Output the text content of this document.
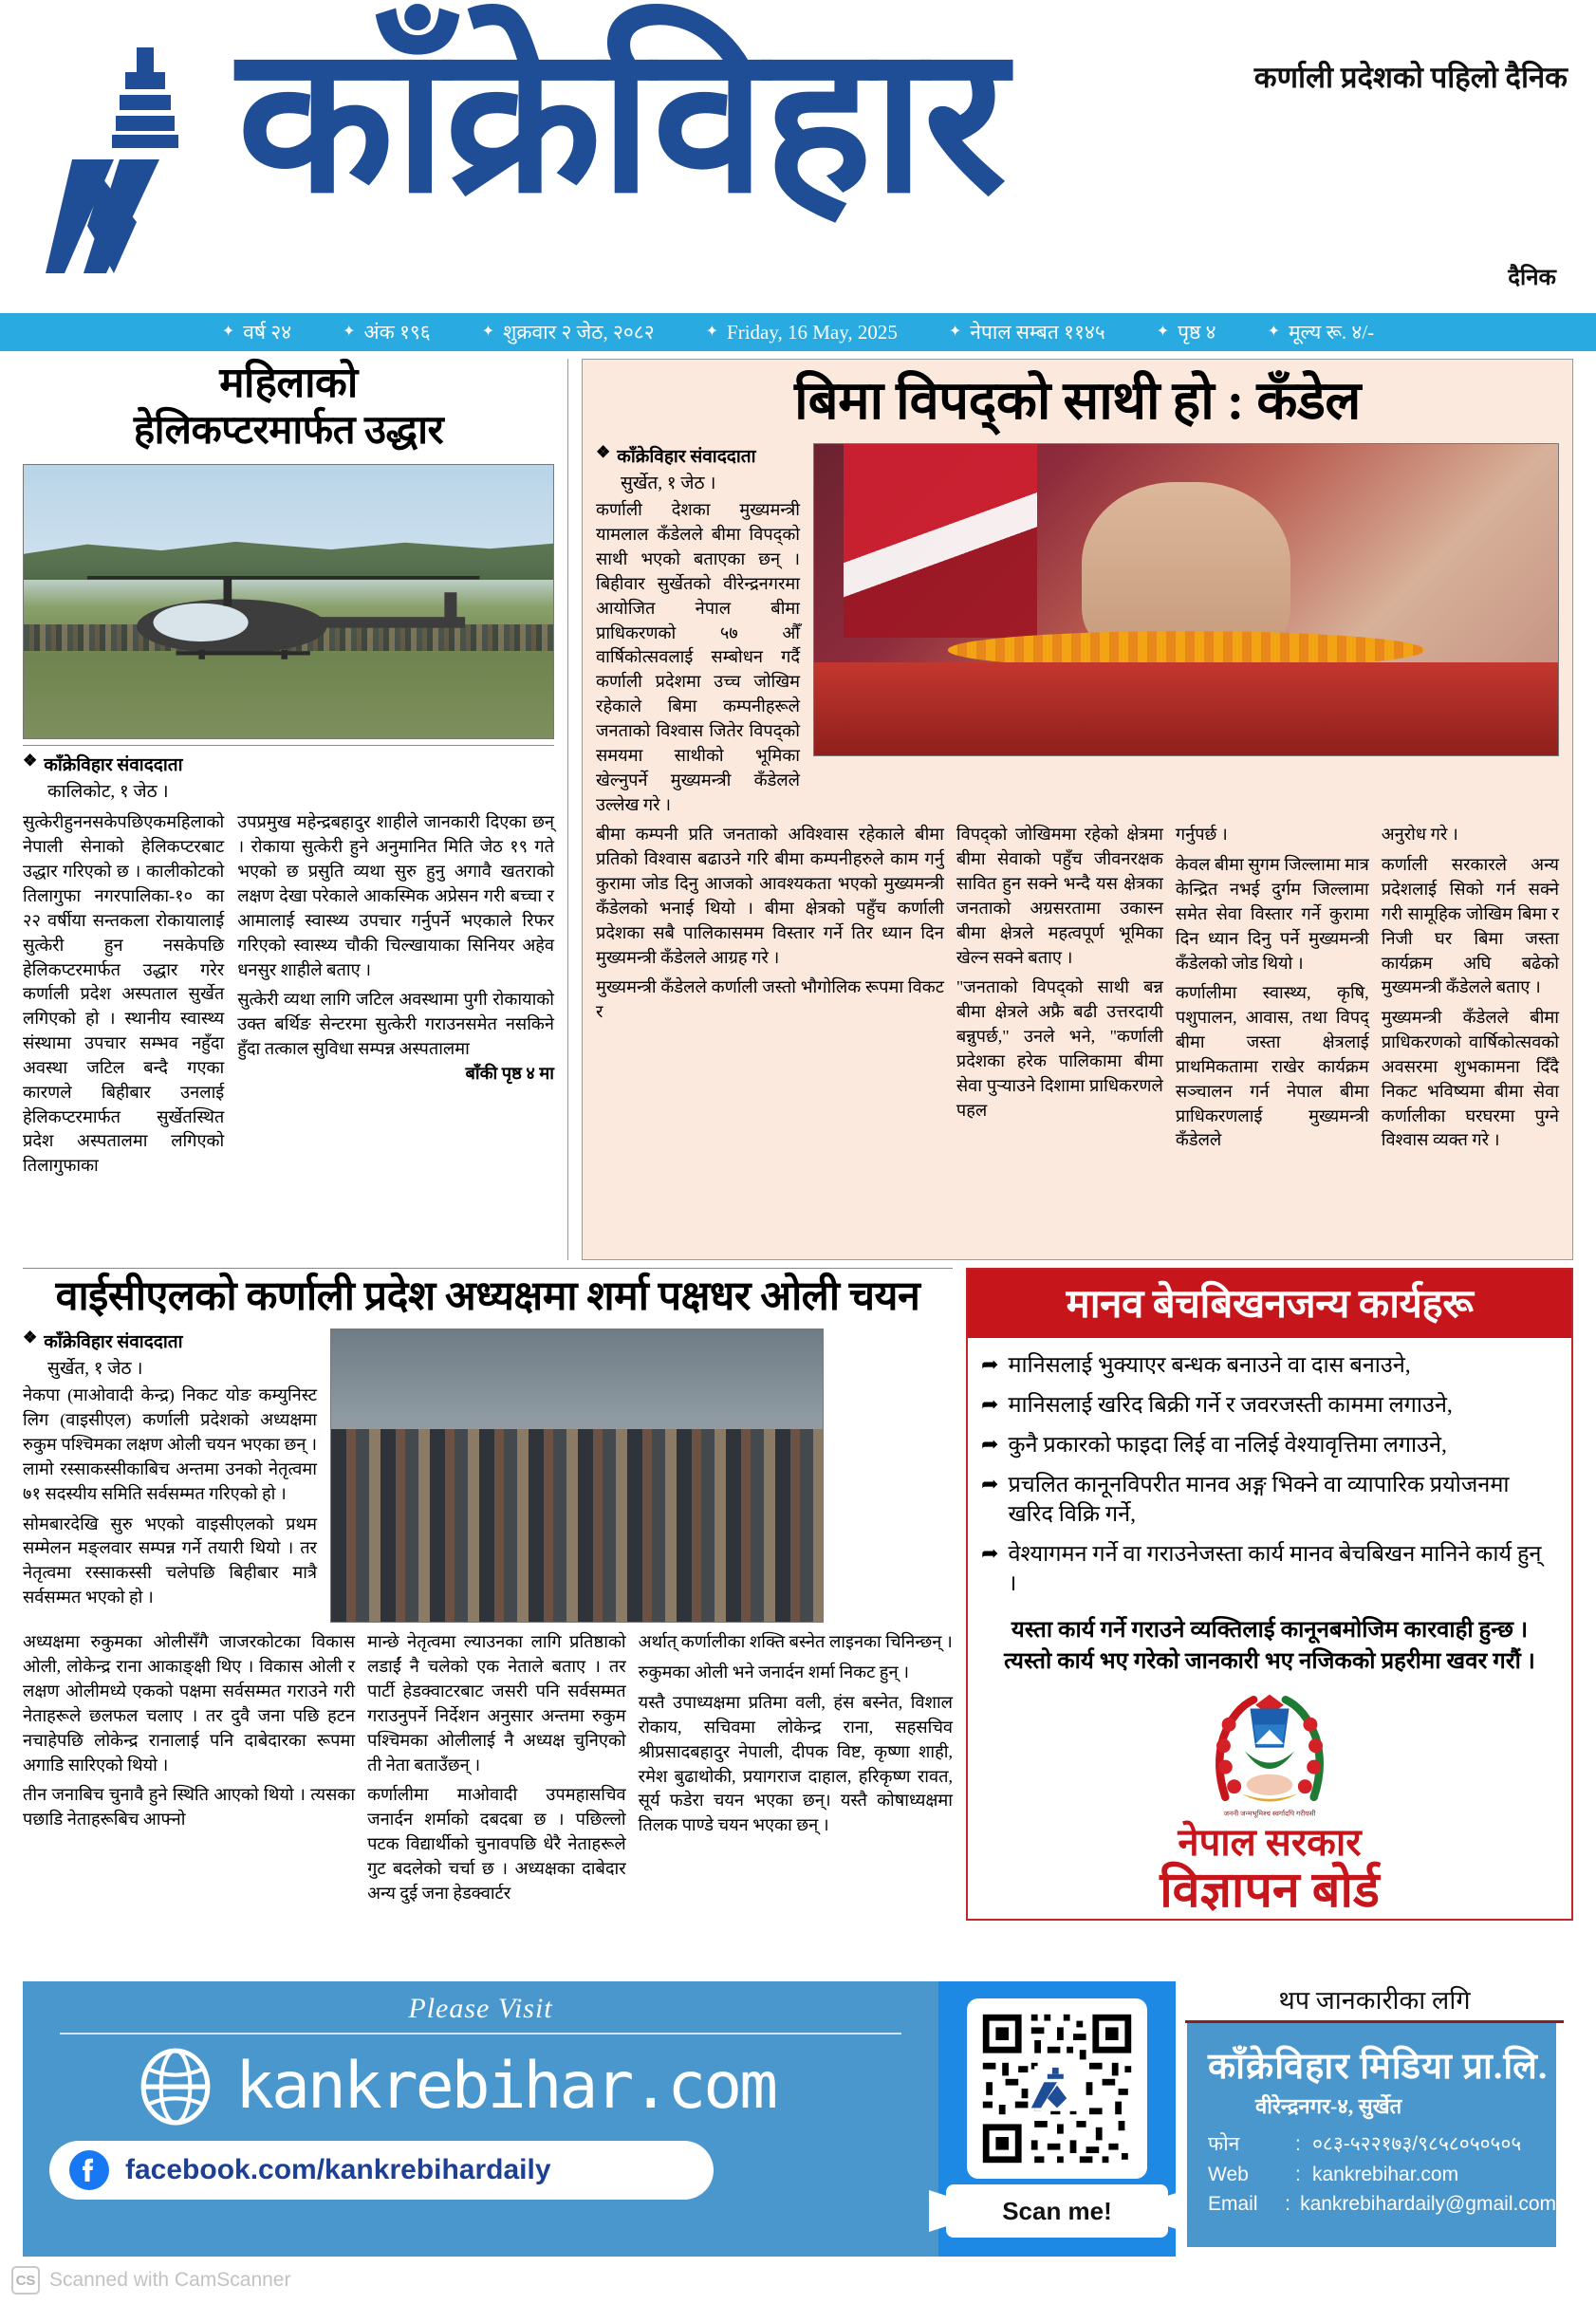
काँक्रेविहार	कर्णाली प्रदेशको पहिलो दैनिक
दैनिक
✦ वर्ष २४	✦ अंक १९६	✦ शुक्रवार २ जेठ, २०८२	✦ Friday, 16 May, 2025	✦ नेपाल सम्बत ११४५	✦ पृष्ठ ४	✦ मूल्य रू. ४/-
महिलाको
हेलिकप्टरमार्फत उद्धार
❖ काँक्रेविहार संवाददाता
कालिकोट, १ जेठ ।
सुत्केरीहुननसकेपछिएकमहिलाको नेपाली सेनाको हेलिकप्टरबाट उद्धार गरिएको छ । कालीकोटको तिलागुफा नगरपालिका-१० का २२ वर्षीया सन्तकला रोकायालाई सुत्केरी हुन नसकेपछि हेलिकप्टरमार्फत उद्धार गरेर कर्णाली प्रदेश अस्पताल सुर्खेत लगिएको हो । स्थानीय स्वास्थ्य संस्थामा उपचार सम्भव नहुँदा अवस्था जटिल बन्दै गएका कारणले बिहीबार उनलाई हेलिकप्टरमार्फत सुर्खेतस्थित प्रदेश अस्पतालमा लगिएको तिलागुफाका
उपप्रमुख महेन्द्रबहादुर शाहीले जानकारी दिएका छन् । रोकाया सुत्केरी हुने अनुमानित मिति जेठ १९ गते भएको छ प्रसुति व्यथा सुरु हुनु अगावै खतराको लक्षण देखा परेकाले आकस्मिक अप्रेसन गरी बच्चा र आमालाई स्वास्थ्य उपचार गर्नुपर्ने भएकाले रिफर गरिएको स्वास्थ्य चौकी चिल्खायाका सिनियर अहेव धनसुर शाहीले बताए ।
सुत्केरी व्यथा लागि जटिल अवस्थामा पुगी रोकायाको उक्त बर्थिङ सेन्टरमा सुत्केरी गराउनसमेत नसकिने हुँदा तत्काल सुविधा सम्पन्न अस्पतालमा
बाँकी पृष्ठ ४ मा
बिमा विपद्को साथी हो : कँडेल
❖ काँक्रेविहार संवाददाता
सुर्खेत, १ जेठ ।
कर्णाली देशका मुख्यमन्त्री यामलाल कँडेलले बीमा विपद्को साथी भएको बताएका छन् । बिहीवार सुर्खेतको वीरेन्द्रनगरमा आयोजित नेपाल बीमा प्राधिकरणको ५७ औँ वार्षिकोत्सवलाई सम्बोधन गर्दै कर्णाली प्रदेशमा उच्च जोखिम रहेकाले बिमा कम्पनीहरूले जनताको विश्वास जितेर विपद्को समयमा साथीको भूमिका खेल्नुपर्ने मुख्यमन्त्री कँडेलले उल्लेख गरे ।
बीमा कम्पनी प्रति जनताको अविश्वास रहेकाले बीमा प्रतिको विश्वास बढाउने गरि बीमा कम्पनीहरुले काम गर्नु कुरामा जोड दिनु आजको आवश्यकता भएको मुख्यमन्त्री कँडेलको भनाई थियो । बीमा क्षेत्रको पहुँच कर्णाली प्रदेशका सबै पालिकासमम विस्तार गर्ने तिर ध्यान दिन मुख्यमन्त्री कँडेलले आग्रह गरे ।
मुख्यमन्त्री कँडेलले कर्णाली जस्तो भौगोलिक रूपमा विकट र
विपद्को जोखिममा रहेको क्षेत्रमा बीमा सेवाको पहुँच जीवनरक्षक सावित हुन सक्ने भन्दै यस क्षेत्रका जनताको अग्रसरतामा उकास्न बीमा क्षेत्रले महत्वपूर्ण भूमिका खेल्न सक्ने बताए ।
"जनताको विपद्को साथी बन्न बीमा क्षेत्रले अफ्रै बढी उत्तरदायी बन्नुपर्छ," उनले भने, "कर्णाली प्रदेशका हरेक पालिकामा बीमा सेवा पुऱ्याउने दिशामा प्राधिकरणले पहल
गर्नुपर्छ ।
केवल बीमा सुगम जिल्लामा मात्र केन्द्रित नभई दुर्गम जिल्लामा समेत सेवा विस्तार गर्ने कुरामा दिन ध्यान दिनु पर्ने मुख्यमन्त्री कँडेलको जोड थियो ।
कर्णालीमा स्वास्थ्य, कृषि, पशुपालन, आवास, तथा विपद् बीमा जस्ता क्षेत्रलाई प्राथमिकतामा राखेर कार्यक्रम सञ्चालन गर्न नेपाल बीमा प्राधिकरणलाई मुख्यमन्त्री कँडेलले
अनुरोध गरे ।
कर्णाली सरकारले अन्य प्रदेशलाई सिको गर्न सक्ने गरी सामूहिक जोखिम बिमा र निजी घर बिमा जस्ता कार्यक्रम अघि बढेको मुख्यमन्त्री कँडेलले बताए ।
मुख्यमन्त्री कँडेलले बीमा प्राधिकरणको वार्षिकोत्सवको अवसरमा शुभकामना दिँदै निकट भविष्यमा बीमा सेवा कर्णालीका घरघरमा पुग्ने विश्वास व्यक्त गरे ।
वाईसीएलको कर्णाली प्रदेश अध्यक्षमा शर्मा पक्षधर ओली चयन
❖ काँक्रेविहार संवाददाता
सुर्खेत, १ जेठ ।
नेकपा (माओवादी केन्द्र) निकट योङ कम्युनिस्ट लिग (वाइसीएल) कर्णाली प्रदेशको अध्यक्षमा रुकुम पश्चिमका लक्षण ओली चयन भएका छन् । लामो रस्साकस्सीकाबिच अन्तमा उनको नेतृत्वमा ७१ सदस्यीय समिति सर्वसम्मत गरिएको हो ।
सोमबारदेखि सुरु भएको वाइसीएलको प्रथम सम्मेलन मङ्लवार सम्पन्न गर्ने तयारी थियो । तर नेतृत्वमा रस्साकस्सी चलेपछि बिहीबार मात्रै सर्वसम्मत भएको हो ।
अध्यक्षमा रुकुमका ओलीसँगै जाजरकोटका विकास ओली, लोकेन्द्र राना आकाङ्क्षी थिए । विकास ओली र लक्षण ओलीमध्ये एकको पक्षमा सर्वसम्मत गराउने गरी नेताहरूले छलफल चलाए । तर दुवै जना पछि हटन नचाहेपछि लोकेन्द्र रानालाई पनि दाबेदारका रूपमा अगाडि सारिएको थियो ।
तीन जनाबिच चुनावै हुने स्थिति आएको थियो । त्यसका पछाडि नेताहरूबिच आफ्नो
मान्छे नेतृत्वमा ल्याउनका लागि प्रतिष्ठाको लडाईं नै चलेको एक नेताले बताए । तर पार्टी हेडक्वाटरबाट जसरी पनि सर्वसम्मत गराउनुपर्ने निर्देशन अनुसार अन्तमा रुकुम पश्चिमका ओलीलाई नै अध्यक्ष चुनिएको ती नेता बताउँछन् ।
कर्णालीमा माओवादी उपमहासचिव जनार्दन शर्माको दबदबा छ । पछिल्लो पटक विद्यार्थीको चुनावपछि धेरै नेताहरूले गुट बदलेको चर्चा छ । अध्यक्षका दाबेदार अन्य दुई जना हेडक्वार्टर
अर्थात् कर्णालीका शक्ति बस्नेत लाइनका चिनिन्छन् ।
रुकुमका ओली भने जनार्दन शर्मा निकट हुन् ।
यस्तै उपाध्यक्षमा प्रतिमा वली, हंस बस्नेत, विशाल रोकाय, सचिवमा लोकेन्द्र राना, सहसचिव श्रीप्रसादबहादुर नेपाली, दीपक विष्ट, कृष्णा शाही, रमेश बुढाथोकी, प्रयागराज दाहाल, हरिकृष्ण रावत, सूर्य फडेरा चयन भएका छन्। यस्तै कोषाध्यक्षमा तिलक पाण्डे चयन भएका छन् ।
मानव बेचबिखनजन्य कार्यहरू
➦ मानिसलाई भुक्याएर बन्धक बनाउने वा दास बनाउने,
➦ मानिसलाई खरिद बिक्री गर्ने र जवरजस्ती काममा लगाउने,
➦ कुनै प्रकारको फाइदा लिई वा नलिई वेश्यावृत्तिमा लगाउने,
➦ प्रचलित कानूनविपरीत मानव अङ्ग भिक्ने वा व्यापारिक प्रयोजनमा खरिद विक्रि गर्ने,
➦ वेश्यागमन गर्ने वा गराउनेजस्ता कार्य मानव बेचबिखन मानिने कार्य हुन् ।
यस्ता कार्य गर्ने गराउने व्यक्तिलाई कानूनबमोजिम कारवाही हुन्छ । त्यस्तो कार्य भए गरेको जानकारी भए नजिकको प्रहरीमा खवर गरौं ।
जननी जन्मभूमिश्च स्वर्गादपि गरीयसी
नेपाल सरकार
विज्ञापन बोर्ड
Please Visit
kankrebihar.com
facebook.com/kankrebihardaily
Scan me!
थप जानकारीका लगि
काँक्रेविहार मिडिया प्रा.लि.
वीरेन्द्रनगर-४, सुर्खेत
फोन	: ०८३-५२२१७३/९८५८०५०५०५
Web	: kankrebihar.com
Email	: kankrebihardaily@gmail.com
CS Scanned with CamScanner
